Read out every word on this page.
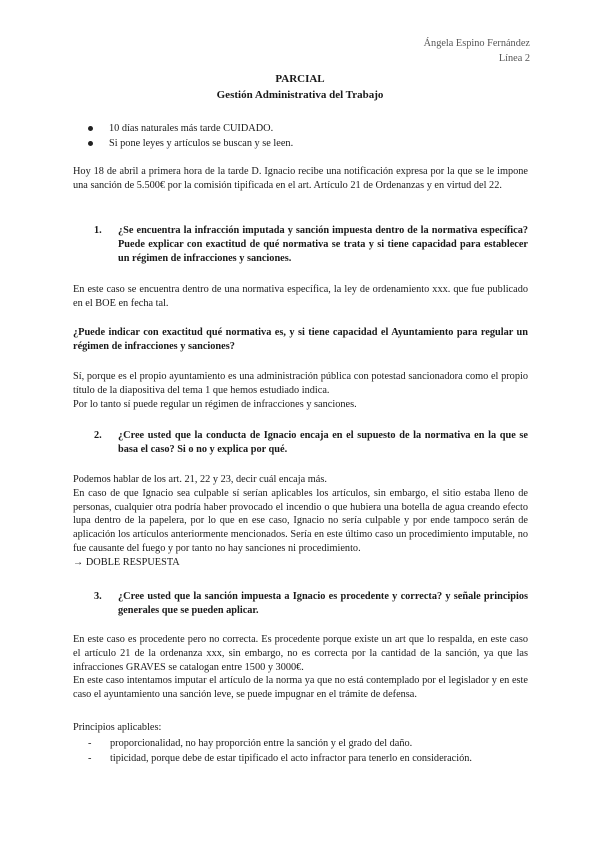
Ángela Espino Fernández
Línea 2
PARCIAL
Gestión Administrativa del Trabajo
10 días naturales más tarde CUIDADO.
Si pone leyes y artículos se buscan y se leen.

Hoy 18 de abril a primera hora de la tarde D. Ignacio recibe una notificación expresa por la que se le impone una sanción de 5.500€ por la comisión tipificada en el art. Artículo 21 de Ordenanzas y en virtud del 22.

1. ¿Se encuentra la infracción imputada y sanción impuesta dentro de la normativa específica? Puede explicar con exactitud de qué normativa se trata y si tiene capacidad para establecer un régimen de infracciones y sanciones.

En este caso se encuentra dentro de una normativa específica, la ley de ordenamiento xxx. que fue publicado en el BOE en fecha tal.

¿Puede indicar con exactitud qué normativa es, y si tiene capacidad el Ayuntamiento para regular un régimen de infracciones y sanciones?

Sí, porque es el propio ayuntamiento es una administración pública con potestad sancionadora como el propio título de la diapositiva del tema 1 que hemos estudiado indica.

Por lo tanto sí puede regular un régimen de infracciones y sanciones.

2. ¿Cree usted que la conducta de Ignacio encaja en el supuesto de la normativa en la que se basa el caso? Si o no y explica por qué.

Podemos hablar de los art. 21, 22 y 23, decir cuál encaja más.

En caso de que Ignacio sea culpable sí serían aplicables los artículos, sin embargo, el sitio estaba lleno de personas, cualquier otra podría haber provocado el incendio o que hubiera una botella de agua creando efecto lupa dentro de la papelera, por lo que en ese caso, Ignacio no sería culpable y por ende tampoco serán de aplicación los artículos anteriormente mencionados. Sería en este último caso un procedimiento imputable, no fue causante del fuego y por tanto no hay sanciones ni procedimiento.

→ DOBLE RESPUESTA

3. ¿Cree usted que la sanción impuesta a Ignacio es procedente y correcta? y señale principios generales que se pueden aplicar.

En este caso es procedente pero no correcta. Es procedente porque existe un art que lo respalda, en este caso el artículo 21 de la ordenanza xxx, sin embargo, no es correcta por la cantidad de la sanción, ya que las infracciones GRAVES se catalogan entre 1500 y 3000€.

En este caso intentamos imputar el artículo de la norma ya que no está contemplado por el legislador y en este caso el ayuntamiento una sanción leve, se puede impugnar en el trámite de defensa.

Principios aplicables:

-	proporcionalidad, no hay proporción entre la sanción y el grado del daño.
-	tipicidad, porque debe de estar tipificado el acto infractor para tenerlo en consideración.
